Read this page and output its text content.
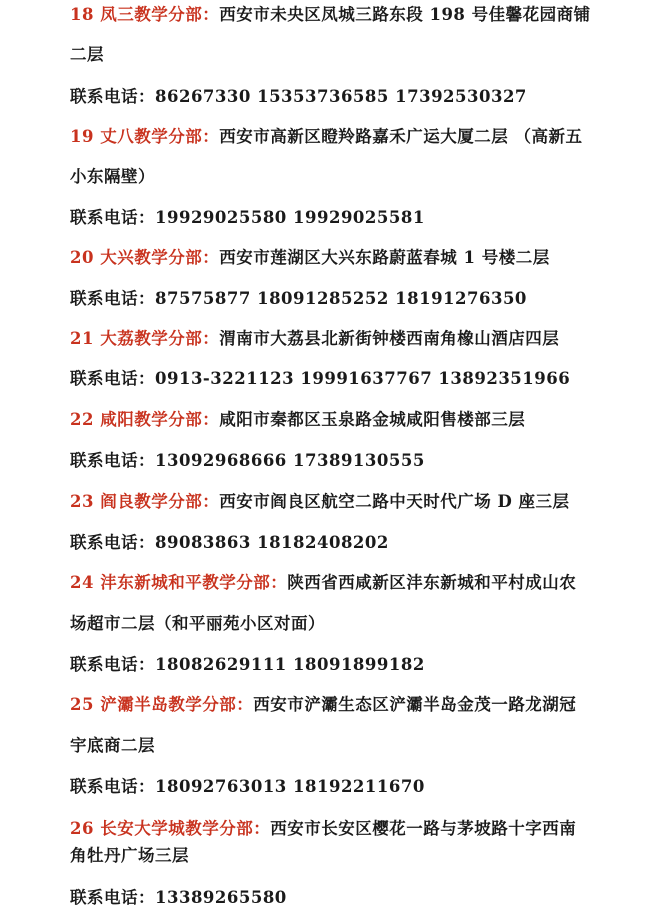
18 凤三教学分部：西安市未央区凤城三路东段 198 号佳馨花园商铺
二层
联系电话：86267330 15353736585 17392530327
19 丈八教学分部：西安市高新区瞪羚路嘉禾广运大厦二层 （高新五
小东隔壁）
联系电话：19929025580 19929025581
20 大兴教学分部：西安市莲湖区大兴东路蔚蓝春城 1 号楼二层
联系电话：87575877 18091285252 18191276350
21 大荔教学分部：渭南市大荔县北新街钟楼西南角橡山酒店四层
联系电话：0913-3221123 19991637767 13892351966
22 咸阳教学分部：咸阳市秦都区玉泉路金城咸阳售楼部三层
联系电话：13092968666 17389130555
23 阎良教学分部：西安市阎良区航空二路中天时代广场 D 座三层
联系电话：89083863 18182408202
24 沣东新城和平教学分部：陕西省西咸新区沣东新城和平村成山农
场超市二层（和平丽苑小区对面）
联系电话：18082629111 18091899182
25 浐灞半岛教学分部：西安市浐灞生态区浐灞半岛金茂一路龙湖冠
宇底商二层
联系电话：18092763013 18192211670
26 长安大学城教学分部：西安市长安区樱花一路与茅坡路十字西南
角牡丹广场三层
联系电话：13389265580
